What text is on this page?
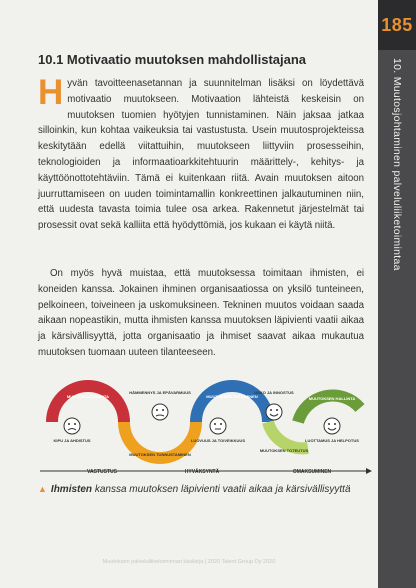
185
10. Muutosjohtaminen palveluliiketoimintaa
10.1 Motivaatio muutoksen mahdollistajana

Hyvän tavoitteenasetannan ja suunnitelman lisäksi on löydettävä motivaatio muutokseen. Motivaation lähteistä keskeisin on muutoksen tuomien hyötyjen tunnistaminen. Näin jaksaa jatkaa silloinkin, kun kohtaa vaikeuksia tai vastustusta. Usein muutosprojekteissa keskitytään edellä viitattuihin, muutokseen liittyviin prosesseihin, teknologioiden ja informaatioarkkitehtuurin määrittely-, kehitys- ja käyttöönottotehtäviin. Tämä ei kuitenkaan riitä. Avain muutoksen aitoon juurruttamiseen on uuden toimintamallin konkreettinen jalkautuminen niin, että uudesta tavasta toimia tulee osa arkea. Rakennetut järjestelmät tai prosessit ovat sekä kalliita että hyödyttömiä, jos kukaan ei käytä niitä.

On myös hyvä muistaa, että muutoksessa toimitaan ihmisten, ei koneiden kanssa. Jokainen ihminen organisaatiossa on yksilö tunteineen, pelkoineen, toiveineen ja uskomuksineen. Tekninen muutos voidaan saada aikaan nopeastikin, mutta ihmisten kanssa muutoksen läpivienti vaatii aikaa ja kärsivällisyyttä, jotta organisaatio ja ihmiset saavat aikaa mukautua muutoksen tuomaan uuteen tilanteeseen.

MUUTOSVASTARINTA
MUUTOKSEN TUNNUSTAMINEN
MUUTOKSEN TUTKIMINEN
MUUTOKSEN TOTEUTUS
MUUTOKSEN HALLINTA
KIPU JA AHDISTUS
HÄMMENNYS JA EPÄVARMUUS
LUOVUUS JA TOIVEIKKUUS
USKO JA INNOSTUS
LUOTTAMUS JA HELPOTUS
VASTUSTUS	HYVÄKSYNTÄ	OMAKSUMINEN
▲ Ihmisten kanssa muutoksen läpivienti vaatii aikaa ja kärsivällisyyttä
Muutoksen palveluliiketoiminnan käsikirja | 2020 Talent Group Oy 2020
